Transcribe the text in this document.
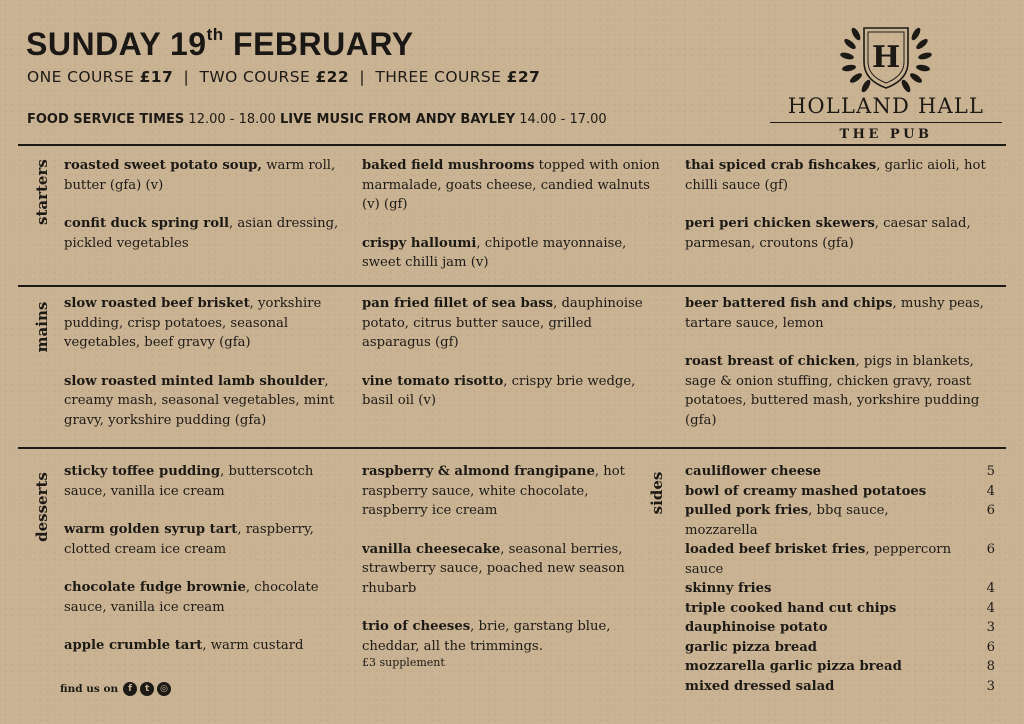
SUNDAY 19th FEBRUARY
ONE COURSE £17 | TWO COURSE £22 | THREE COURSE £27
FOOD SERVICE TIMES 12.00 - 18.00 LIVE MUSIC FROM ANDY BAYLEY 14.00 - 17.00
H
HOLLAND HALL
THE PUB
starters
mains
desserts	sides
roasted sweet potato soup, warm roll, butter (gfa) (v)
confit duck spring roll, asian dressing, pickled vegetables
baked field mushrooms topped with onion marmalade, goats cheese, candied walnuts (v) (gf)
crispy halloumi, chipotle mayonnaise, sweet chilli jam (v)
thai spiced crab fishcakes, garlic aioli, hot chilli sauce (gf)
peri peri chicken skewers, caesar salad, parmesan, croutons (gfa)
slow roasted beef brisket, yorkshire pudding, crisp potatoes, seasonal vegetables, beef gravy (gfa)
slow roasted minted lamb shoulder, creamy mash, seasonal vegetables, mint gravy, yorkshire pudding (gfa)
pan fried fillet of sea bass, dauphinoise potato, citrus butter sauce, grilled asparagus (gf)
vine tomato risotto, crispy brie wedge, basil oil (v)
beer battered fish and chips, mushy peas, tartare sauce, lemon
roast breast of chicken, pigs in blankets, sage & onion stuffing, chicken gravy, roast potatoes, buttered mash, yorkshire pudding (gfa)
sticky toffee pudding, butterscotch sauce, vanilla ice cream
warm golden syrup tart, raspberry, clotted cream ice cream
chocolate fudge brownie, chocolate sauce, vanilla ice cream
apple crumble tart, warm custard
raspberry & almond frangipane, hot raspberry sauce, white chocolate, raspberry ice cream
vanilla cheesecake, seasonal berries, strawberry sauce, poached new season rhubarb
trio of cheeses, brie, garstang blue, cheddar, all the trimmings.
£3 supplement
cauliflower cheese	5
bowl of creamy mashed potatoes	4
pulled pork fries, bbq sauce, mozzarella
6
loaded beef brisket fries, peppercorn sauce
6
skinny fries	4
triple cooked hand cut chips	4
dauphinoise potato	3
garlic pizza bread	6
mozzarella garlic pizza bread	8
mixed dressed salad	3
find us on	f	t	◎
